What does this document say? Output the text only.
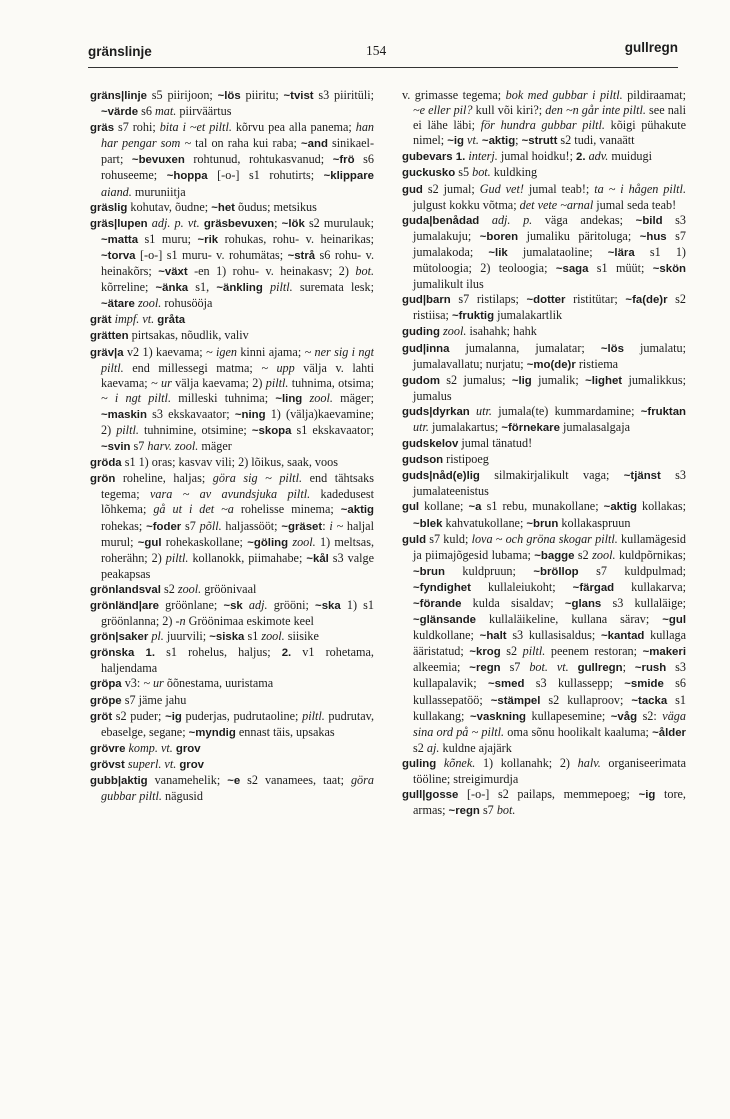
gränslinje	154	gullregn

gräns|linje s5 piirijoon; ~lös piiritu; ~tvist s3 piiritüli; ~värde s6 mat. piirväärtus

gräs s7 rohi; bita i ~et piltl. kõrvu pea alla panema; han har pengar som ~ tal on raha kui raba; ~and sinikael-part; ~bevuxen rohtunud, rohtukasvanud; ~frö s6 rohuseeme; ~hoppa [-o-] s1 rohutirts; ~klippare aiand. muruniitja

gräslig kohutav, õudne; ~het õudus; metsikus

gräs|lupen adj. p. vt. gräsbevuxen; ~lök s2 murulauk; ~matta s1 muru; ~rik rohukas, rohu- v. heinarikas; ~torva [-o-] s1 muru- v. rohumätas; ~strå s6 rohu- v. heinakõrs; ~växt -en 1) rohu- v. heinakasv; 2) bot. kõrreline; ~änka s1, ~änkling piltl. suremata lesk; ~ätare zool. rohusööja

grät impf. vt. gråta

grätten pirtsakas, nõudlik, valiv

gräv|a v2 1) kaevama; ~ igen kinni ajama; ~ ner sig i ngt piltl. end millessegi matma; ~ upp välja v. lahti kaevama; ~ ur välja kaevama; 2) piltl. tuhnima, otsima; ~ i ngt piltl. milleski tuhnima; ~ling zool. mäger; ~maskin s3 ekskavaator; ~ning 1) (välja)kaevamine; 2) piltl. tuhnimine, otsimine; ~skopa s1 ekskavaator; ~svin s7 harv. zool. mäger

gröda s1 1) oras; kasvav vili; 2) lõikus, saak, voos

grön roheline, haljas; göra sig ~ piltl. end tähtsaks tegema; vara ~ av avundsjuka piltl. kadedusest lõhkema; gå ut i det ~a rohelisse minema; ~aktig rohekas; ~foder s7 põll. haljassööt; ~gräset: i ~ haljal murul; ~gul rohekaskollane; ~göling zool. 1) meltsas, roherähn; 2) piltl. kollanokk, piimahabe; ~kål s3 valge peakapsas

grönlandsval s2 zool. gröönivaal

grönländ|are gröönlane; ~sk adj. grööni; ~ska 1) s1 gröönlanna; 2) -n Gröönimaa eskimote keel

grön|saker pl. juurvili; ~siska s1 zool. siisike

grönska 1. s1 rohelus, haljus; 2. v1 rohetama, haljendama

gröpa v3: ~ ur õõnestama, uuristama

gröpe s7 jäme jahu

gröt s2 puder; ~ig puderjas, pudrutaoline; piltl. pudrutav, ebaselge, segane; ~myndig ennast täis, upsakas

grövre komp. vt. grov

grövst superl. vt. grov

gubb|aktig vanamehelik; ~e s2 vanamees, taat; göra gubbar piltl. nägusid

v. grimasse tegema; bok med gubbar i piltl. pildiraamat; ~e eller pil? kull või kiri?; den ~n går inte piltl. see nali ei lähe läbi; för hundra gubbar piltl. kõigi pühakute nimel; ~ig vt. ~aktig; ~strutt s2 tudi, vanaätt

gubevars 1. interj. jumal hoidku!; 2. adv. muidugi

guckusko s5 bot. kuldking

gud s2 jumal; Gud vet! jumal teab!; ta ~ i hågen piltl. julgust kokku võtma; det vete ~arnal jumal seda teab!

guda|benådad adj. p. väga andekas; ~bild s3 jumalakuju; ~boren jumaliku päritoluga; ~hus s7 jumalakoda; ~lik jumalataoline; ~lära s1 1) mütoloogia; 2) teoloogia; ~saga s1 müüt; ~skön jumalikult ilus

gud|barn s7 ristilaps; ~dotter ristitütar; ~fa(de)r s2 ristiisa; ~fruktig jumalakartlik

guding zool. isahahk; hahk

gud|inna jumalanna, jumalatar; ~lös jumalatu; jumalavallatu; nurjatu; ~mo(de)r ristiema

gudom s2 jumalus; ~lig jumalik; ~lighet jumalikkus; jumalus

guds|dyrkan utr. jumala(te) kummardamine; ~fruktan utr. jumalakartus; ~förnekare jumalasalgaja

gudskelov jumal tänatud!

gudson ristipoeg

guds|nåd(e)lig silmakirjalikult vaga; ~tjänst s3 jumalateenistus

gul kollane; ~a s1 rebu, munakollane; ~aktig kollakas; ~blek kahvatukollane; ~brun kollakaspruun

guld s7 kuld; lova ~ och gröna skogar piltl. kullamägesid ja piimajõgesid lubama; ~bagge s2 zool. kuldpõrnikas; ~brun kuldpruun; ~bröllop s7 kuldpulmad; ~fyndighet kullaleiukoht; ~färgad kullakarva; ~förande kulda sisaldav; ~glans s3 kullaläige; ~glänsande kullaläikeline, kullana särav; ~gul kuldkollane; ~halt s3 kullasisaldus; ~kantad kullaga ääristatud; ~krog s2 piltl. peenem restoran; ~makeri alkeemia; ~regn s7 bot. vt. gullregn; ~rush s3 kullapalavik; ~smed s3 kullassepp; ~smide s6 kullassepatöö; ~stämpel s2 kullaproov; ~tacka s1 kullakang; ~vaskning kullapesemine; ~våg s2: väga sina ord på ~ piltl. oma sõnu hoolikalt kaaluma; ~ålder s2 aj. kuldne ajajärk

guling kõnek. 1) kollanahk; 2) halv. organiseerimata tööline; streigimurdja

gull|gosse [-o-] s2 pailaps, memmepoeg; ~ig tore, armas; ~regn s7 bot.
